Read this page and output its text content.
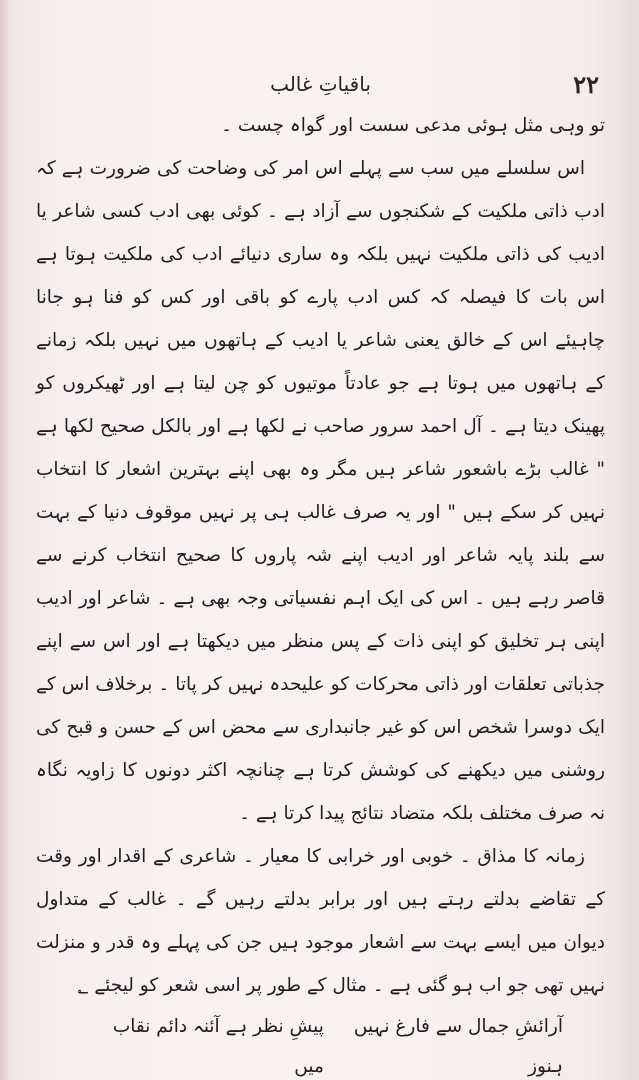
۲۲
باقیاتِ غالب

تو وہی مثل ہوئی مدعی سست اور گواہ چست ۔

اس سلسلے میں سب سے پہلے اس امر کی وضاحت کی ضرورت ہے کہ ادب ذاتی ملکیت کے شکنجوں سے آزاد ہے ۔ کوئی بھی ادب کسی شاعر یا ادیب کی ذاتی ملکیت نہیں بلکہ وہ ساری دنیائے ادب کی ملکیت ہوتا ہے اس بات کا فیصلہ کہ کس ادب پارے کو باقی اور کس کو فنا ہو جانا چاہیئے اس کے خالق یعنی شاعر یا ادیب کے ہاتھوں میں نہیں بلکہ زمانے کے ہاتھوں میں ہوتا ہے جو عادتاً موتیوں کو چن لیتا ہے اور ٹھیکروں کو پھینک دیتا ہے ۔ آل احمد سرور صاحب نے لکھا ہے اور بالکل صحیح لکھا ہے " غالب بڑے باشعور شاعر ہیں مگر وہ بھی اپنے بہترین اشعار کا انتخاب نہیں کر سکے ہیں " اور یہ صرف غالب ہی پر نہیں موقوف دنیا کے بہت سے بلند پایہ شاعر اور ادیب اپنے شہ پاروں کا صحیح انتخاب کرنے سے قاصر رہے ہیں ۔ اس کی ایک اہم نفسیاتی وجہ بھی ہے ۔ شاعر اور ادیب اپنی ہر تخلیق کو اپنی ذات کے پس منظر میں دیکھتا ہے اور اس سے اپنے جذباتی تعلقات اور ذاتی محرکات کو علیحدہ نہیں کر پاتا ۔ برخلاف اس کے ایک دوسرا شخص اس کو غیر جانبداری سے محض اس کے حسن و قبح کی روشنی میں دیکھنے کی کوشش کرتا ہے چنانچہ اکثر دونوں کا زاویہ نگاہ نہ صرف مختلف بلکہ متضاد نتائج پیدا کرتا ہے ۔

زمانہ کا مذاق ۔ خوبی اور خرابی کا معیار ۔ شاعری کے اقدار اور وقت کے تقاضے بدلتے رہتے ہیں اور برابر بدلتے رہیں گے ۔ غالب کے متداول دیوان میں ایسے بہت سے اشعار موجود ہیں جن کی پہلے وہ قدر و منزلت نہیں تھی جو اب ہو گئی ہے ۔ مثال کے طور پر اسی شعر کو لیجئے ؂

آرائشِ جمال سے فارغ نہیں ہنوز
پیشِ نظر ہے آئنہ دائم نقاب میں
